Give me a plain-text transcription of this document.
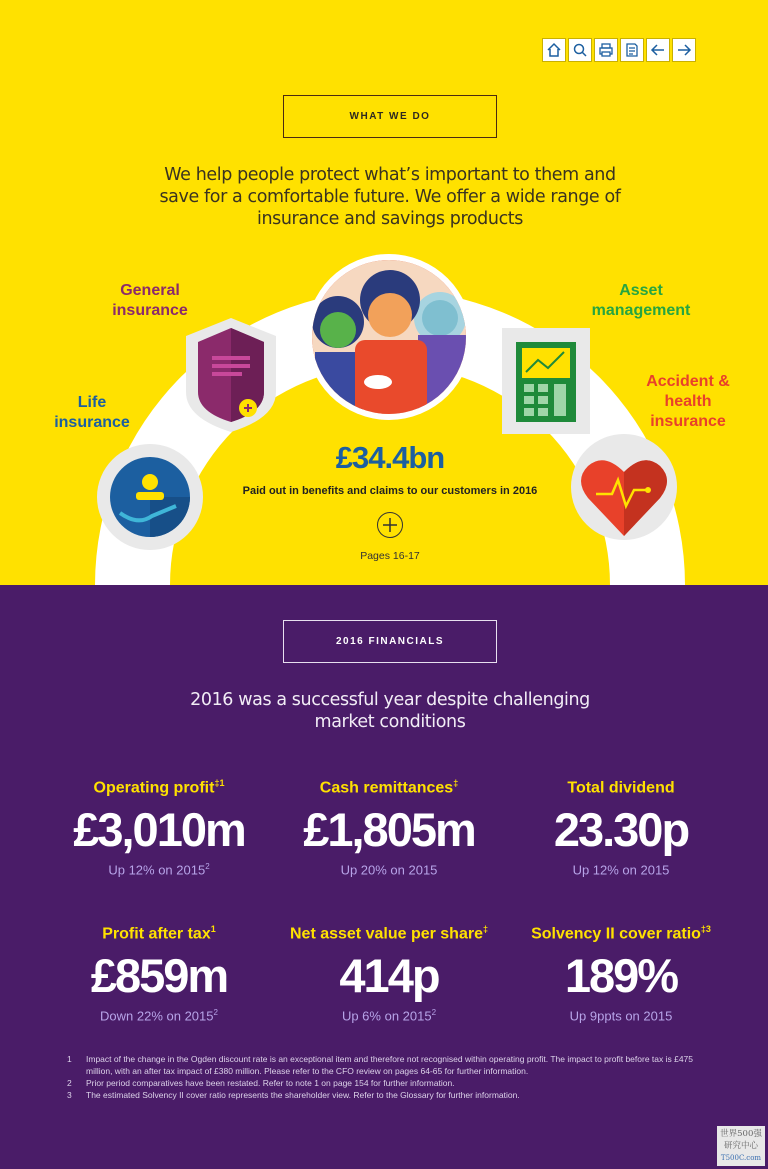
WHAT WE DO
We help people protect what’s important to them and save for a comfortable future. We offer a wide range of insurance and savings products
General insurance
Life insurance
Asset management
Accident & health insurance
£34.4bn
Paid out in benefits and claims to our customers in 2016
Pages 16-17
2016 FINANCIALS
2016 was a successful year despite challenging market conditions
Operating profit$^{\ddagger 1}$
£3,010m
Up 12% on 2015$^2$
Cash remittances‡
£1,805m
Up 20% on 2015
Total dividend
23.30p
Up 12% on 2015
Profit after tax$^1$
£859m
Down 22% on 2015$^2$
Net asset value per share‡
414p
Up 6% on 2015$^2$
Solvency II cover ratio$^{\ddagger 3}$
189%
Up 9ppts on 2015
1	Impact of the change in the Ogden discount rate is an exceptional item and therefore not recognised within operating profit. The impact to profit before tax is £475 million, with an after tax impact of £380 million. Please refer to the CFO review on pages 64-65 for further information.
2	Prior period comparatives have been restated. Refer to note 1 on page 154 for further information.
3	The estimated Solvency II cover ratio represents the shareholder view. Refer to the Glossary for further information.
世界500强
研究中心
T500C.com
